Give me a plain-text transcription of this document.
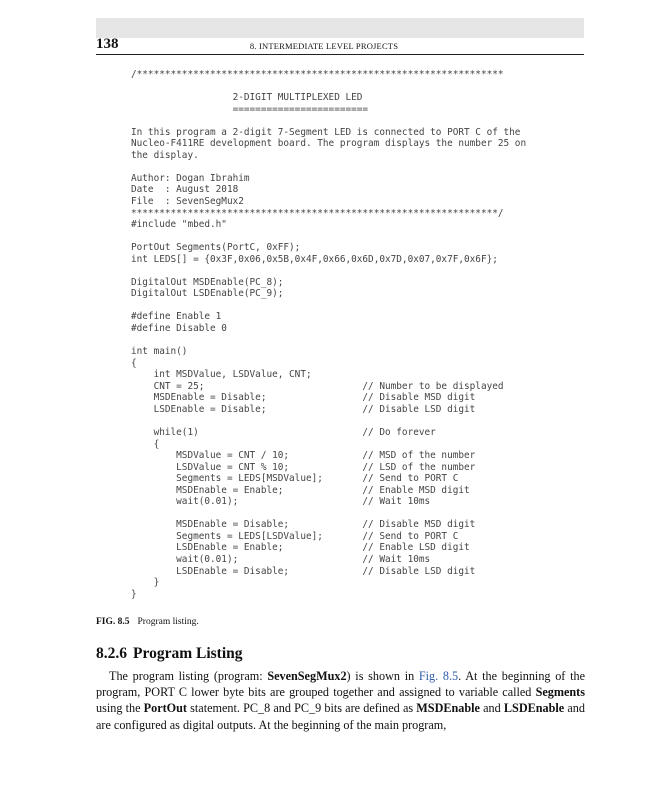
138	8. INTERMEDIATE LEVEL PROJECTS
/*****************************************************************

2-DIGIT MULTIPLEXED LED
========================

In this program a 2-digit 7-Segment LED is connected to PORT C of the
Nucleo-F411RE development board. The program displays the number 25 on
the display.

Author: Dogan Ibrahim
Date  : August 2018
File  : SevenSegMux2
*****************************************************************/
#include "mbed.h"

PortOut Segments(PortC, 0xFF);
int LEDS[] = {0x3F,0x06,0x5B,0x4F,0x66,0x6D,0x7D,0x07,0x7F,0x6F};

DigitalOut MSDEnable(PC_8);
DigitalOut LSDEnable(PC_9);

#define Enable 1
#define Disable 0

int main()
{
int MSDValue, LSDValue, CNT;
CNT = 25;                            // Number to be displayed
MSDEnable = Disable;                 // Disable MSD digit
LSDEnable = Disable;                 // Disable LSD digit

while(1)                             // Do forever
{
MSDValue = CNT / 10;             // MSD of the number
LSDValue = CNT % 10;             // LSD of the number
Segments = LEDS[MSDValue];       // Send to PORT C
MSDEnable = Enable;              // Enable MSD digit
wait(0.01);                      // Wait 10ms

MSDEnable = Disable;             // Disable MSD digit
Segments = LEDS[LSDValue];       // Send to PORT C
LSDEnable = Enable;              // Enable LSD digit
wait(0.01);                      // Wait 10ms
LSDEnable = Disable;             // Disable LSD digit
}
}

FIG. 8.5 Program listing.
8.2.6 Program Listing

The program listing (program: SevenSegMux2) is shown in Fig. 8.5. At the beginning of the program, PORT C lower byte bits are grouped together and assigned to variable called Segments using the PortOut statement. PC_8 and PC_9 bits are defined as MSDEnable and LSDEnable and are configured as digital outputs. At the beginning of the main program,
